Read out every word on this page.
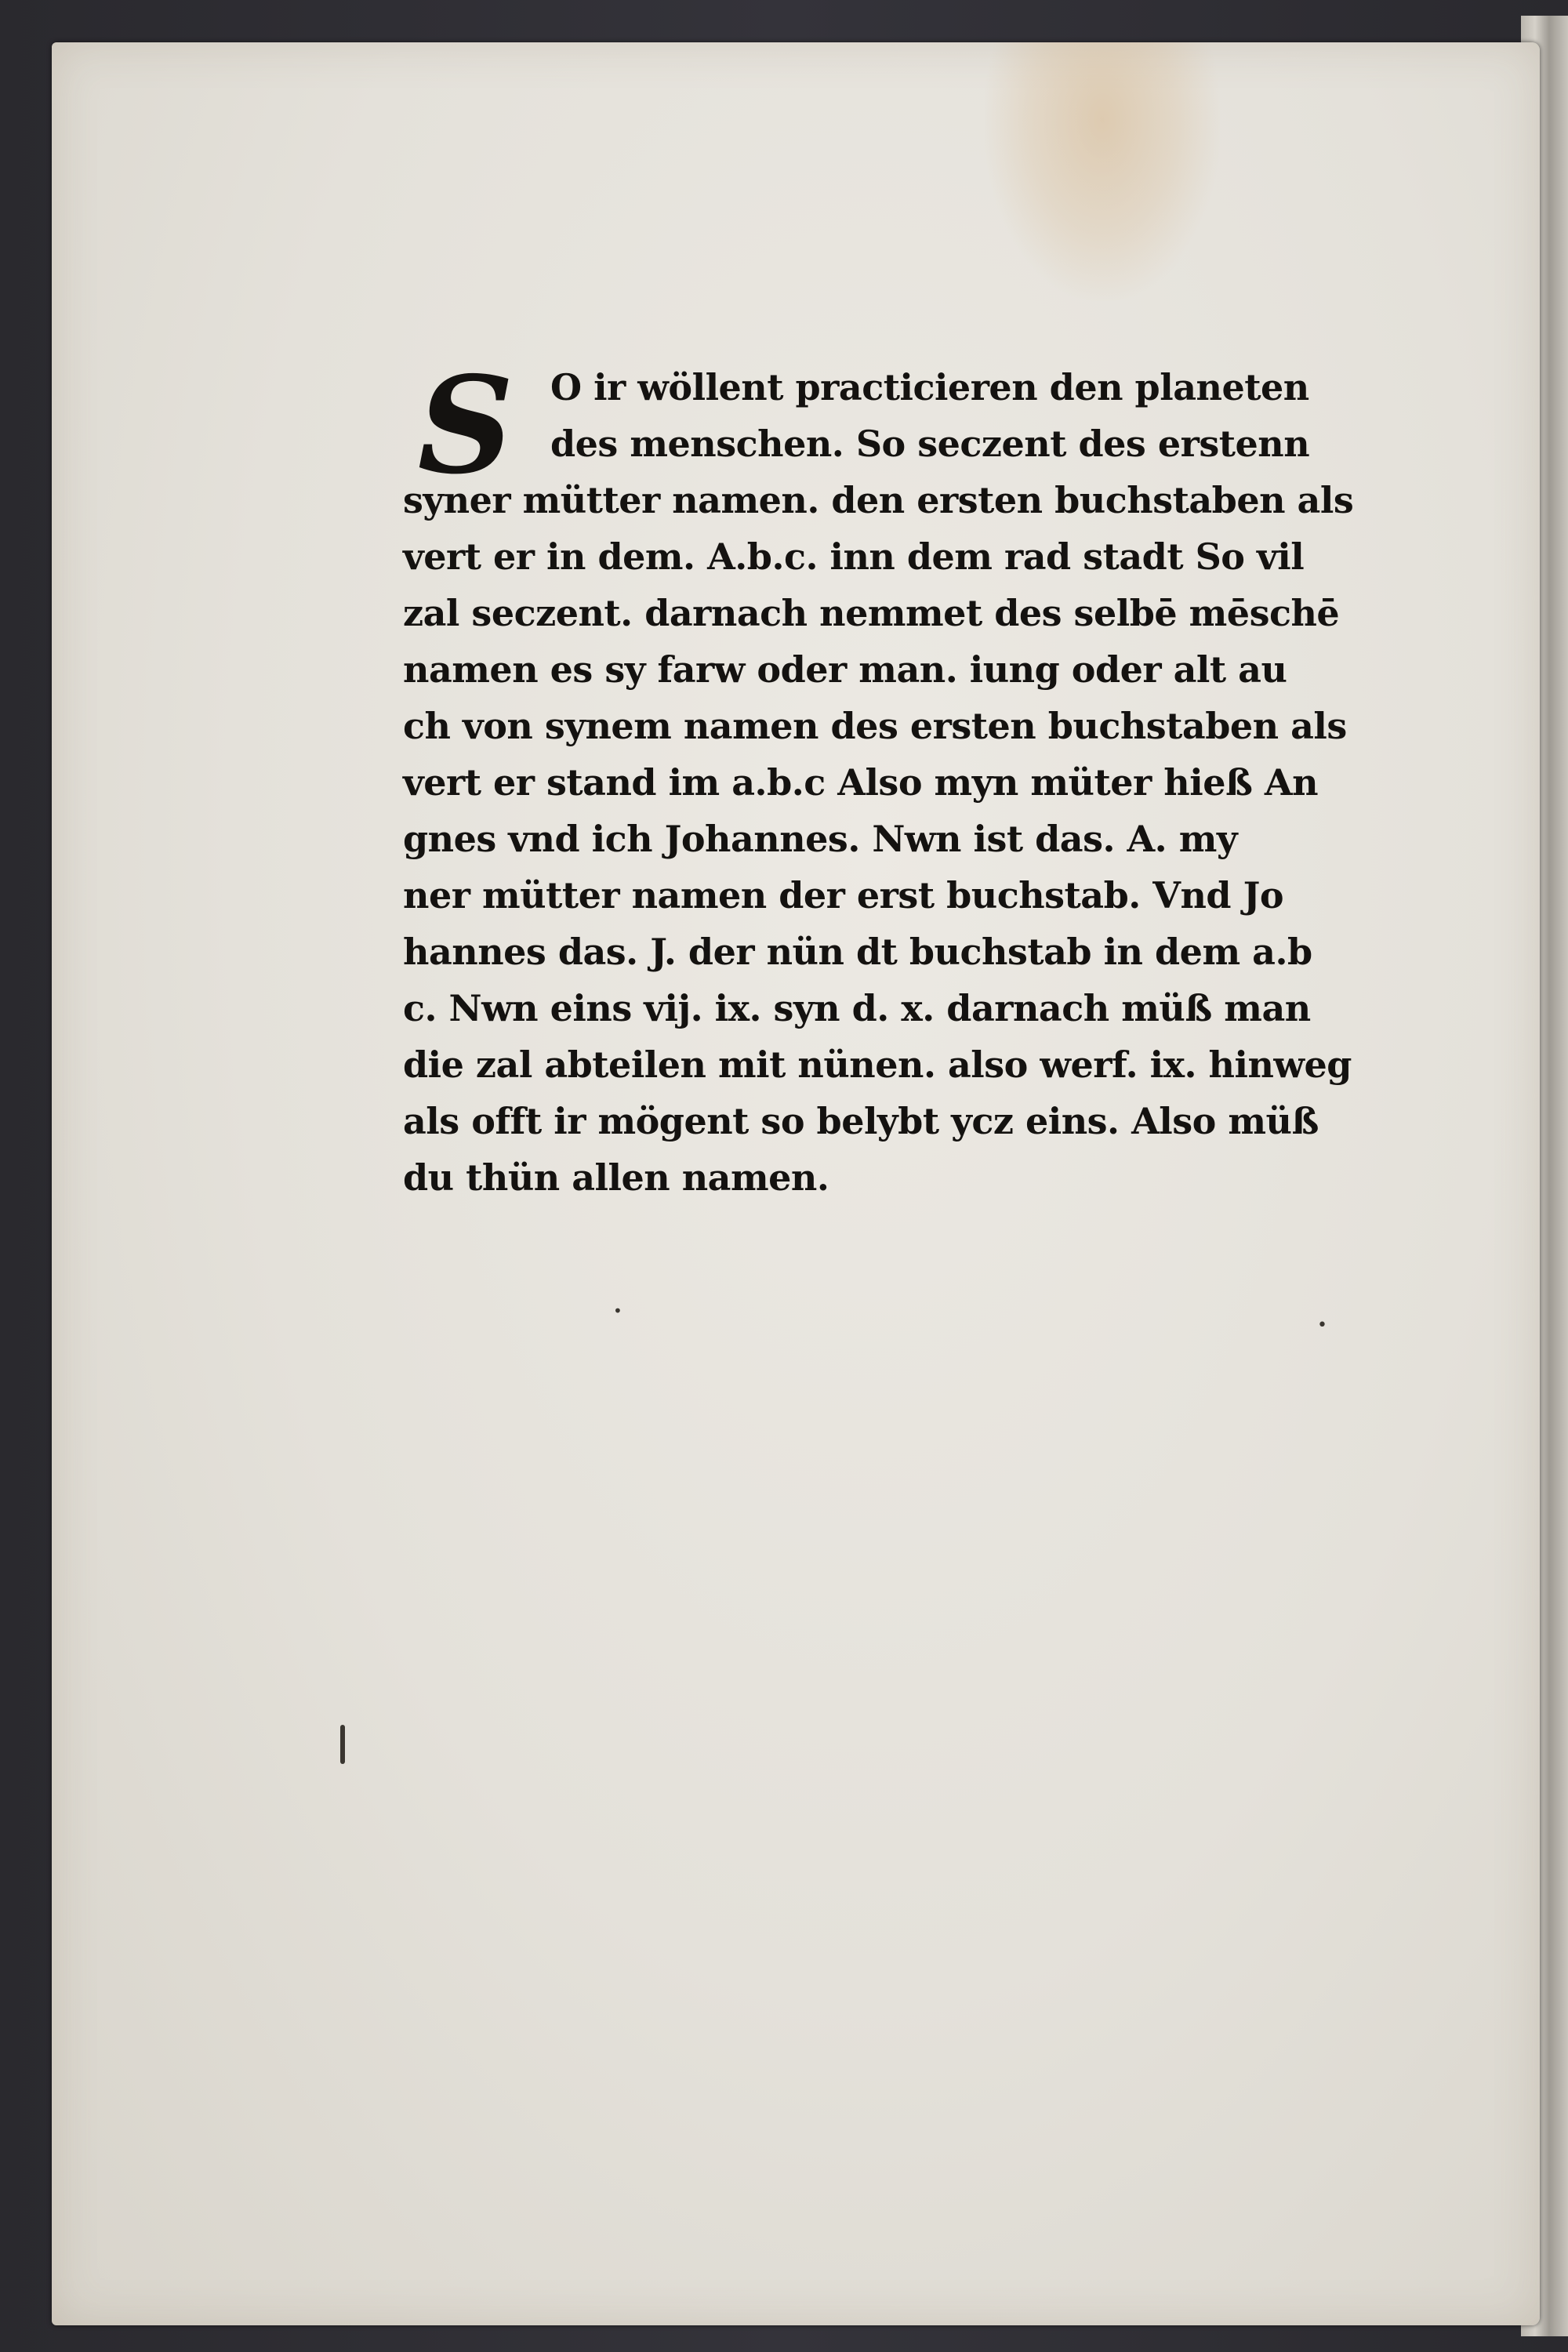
S	O ir wöllent practicieren den planeten
des menschen. So seczent des erstenn
syner mütter namen. den ersten buchstaben als
vert er in dem. A.b.c. inn dem rad stadt So vil
zal seczent. darnach nemmet des selbē mēschē
namen es sy farw oder man. iung oder alt au
ch von synem namen des ersten buchstaben als
vert er stand im a.b.c Also myn müter hieß An
gnes vnd ich Johannes. Nwn ist das. A. my
ner mütter namen der erst buchstab. Vnd Jo
hannes das. J. der nün dt buchstab in dem a.b
c. Nwn eins vij. ix. syn d. x. darnach müß man
die zal abteilen mit nünen. also werf. ix. hinweg
als offt ir mögent so belybt ycz eins. Also müß
du thün allen namen.
•
•
